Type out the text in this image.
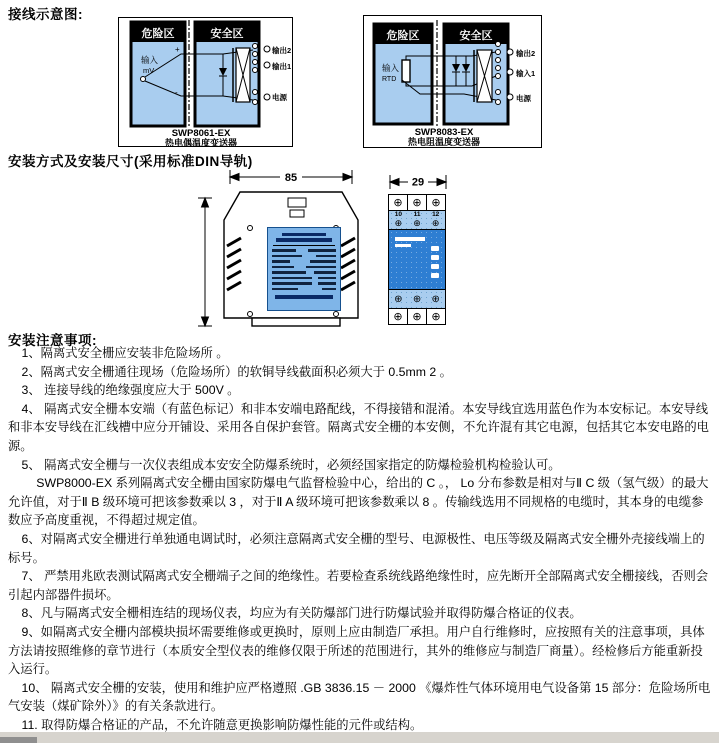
接线示意图:
危险区
输入
mV
安全区
+
-
输出2
输出1
电源
SWP8061-EX
热电偶温度变送器
危险区
输入
RTD
安全区
输出2
输入1
电源
SWP8083-EX
热电阻温度变送器
安装方式及安装尺寸(采用标准DIN导轨)
85	29
⊕ ⊕ ⊕
10
⊕
11
⊕
12
⊕
⊕ ⊕ ⊕
⊕ ⊕ ⊕
安装注意事项:

1、隔离式安全栅应安装非危险场所 。

2、隔离式安全栅通往现场（危险场所）的软铜导线截面积必须大于 0.5mm 2 。

3、 连接导线的绝缘强度应大于 500V 。

4、 隔离式安全栅本安端（有蓝色标记）和非本安端电路配线，不得接错和混淆。本安导线宜选用蓝色作为本安标记。本安导线和非本安导线在汇线槽中应分开铺设、采用各自保护套管。隔离式安全栅的本安侧，不允许混有其它电源，包括其它本安电路的电源。

5、 隔离式安全栅与一次仪表组成本安安全防爆系统时，必须经国家指定的防爆检验机构检验认可。

SWP8000-EX 系列隔离式安全栅由国家防爆电气监督检验中心，给出的 C 。， Lo 分布参数是相对与Ⅱ C 级（氢气级）的最大允许值，对于Ⅱ B 级环境可把该参数乘以 3 ，对于Ⅱ A 级环境可把该参数乘以 8 。传输线选用不同规格的电缆时，其本身的电缆参数应予高度重视，不得超过规定值。

6、对隔离式安全栅进行单独通电调试时，必须注意隔离式安全栅的型号、电源极性、电压等级及隔离式安全栅外壳接线端上的标号。

7、 严禁用兆欧表测试隔离式安全栅端子之间的绝缘性。若要检查系统线路绝缘性时，应先断开全部隔离式安全栅接线，否则会引起内部器件损坏。

8、凡与隔离式安全栅相连结的现场仪表，均应为有关防爆部门进行防爆试验并取得防爆合格证的仪表。

9、如隔离式安全栅内部模块损坏需要维修或更换时，原则上应由制造厂承担。用户自行维修时，应按照有关的注意事项，具体方法请按照维修的章节进行（本质安全型仪表的维修仅限于所述的范围进行，其外的维修应与制造厂商量）。经检修后方能重新投入运行。

10、 隔离式安全栅的安装，使用和维护应严格遵照 .GB 3836.15 － 2000 《爆炸性气体环境用电气设备第 15 部分：危险场所电气安装（煤矿除外）》的有关条款进行。

11. 取得防爆合格证的产品，不允许随意更换影响防爆性能的元件或结构。
